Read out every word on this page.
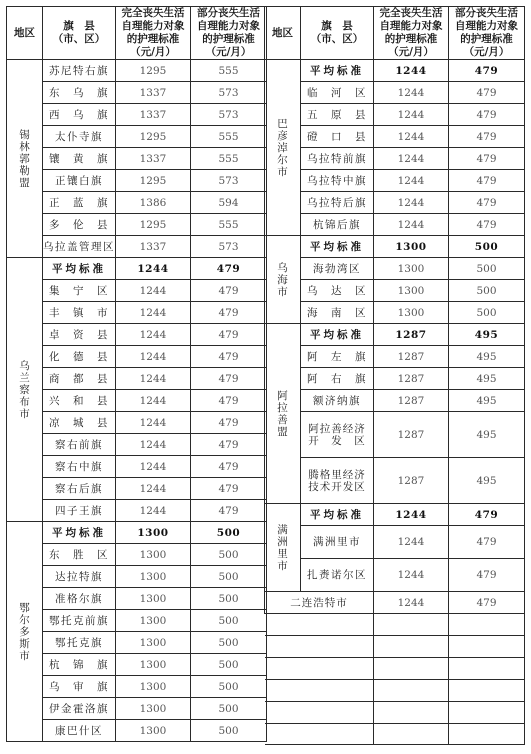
地区	旗　县
（市、区）	完全丧失生活
自理能力对象
的护理标准
（元/月）	部分丧失生活
自理能力对象
的护理标准
（元/月）

锡林郭勒盟	苏尼特右旗	1295	555
	东　乌　旗	1337	573
	西　乌　旗	1337	573
	太仆寺旗	1295	555
	镶　黄　旗	1337	555
	正镶白旗	1295	573
	正　蓝　旗	1386	594
	多　伦　县	1295	555
	乌拉盖管理区	1337	573
乌兰察布市	平均标准	1244	479
	集　宁　区	1244	479
	丰　镇　市	1244	479
	卓　资　县	1244	479
	化　德　县	1244	479
	商　都　县	1244	479
	兴　和　县	1244	479
	凉　城　县	1244	479
	察右前旗	1244	479
	察右中旗	1244	479
	察右后旗	1244	479
	四子王旗	1244	479
鄂尔多斯市	平均标准	1300	500
	东　胜　区	1300	500
	达拉特旗	1300	500
	准格尔旗	1300	500
	鄂托克前旗	1300	500
	鄂托克旗	1300	500
	杭　锦　旗	1300	500
	乌　审　旗	1300	500
	伊金霍洛旗	1300	500
	康巴什区	1300	500
地区	旗　县
（市、区）	完全丧失生活
自理能力对象
的护理标准
（元/月）	部分丧失生活
自理能力对象
的护理标准
（元/月）

巴彦淖尔市	平均标准	1244	479
	临　河　区	1244	479
	五　原　县	1244	479
	磴　口　县	1244	479
	乌拉特前旗	1244	479
	乌拉特中旗	1244	479
	乌拉特后旗	1244	479
	杭锦后旗	1244	479
乌海市	平均标准	1300	500
	海勃湾区	1300	500
	乌　达　区	1300	500
	海　南　区	1300	500
阿拉善盟	平均标准	1287	495
	阿　左　旗	1287	495
	阿　右　旗	1287	495
	额济纳旗	1287	495

	阿拉善经济
开　发　区	1287	495

	腾格里经济
技术开发区	1287	495
满洲里市	平均标准	1244	479
	满洲里市	1244	479
	扎赉诺尔区	1244	479
二连浩特市		1244	479
